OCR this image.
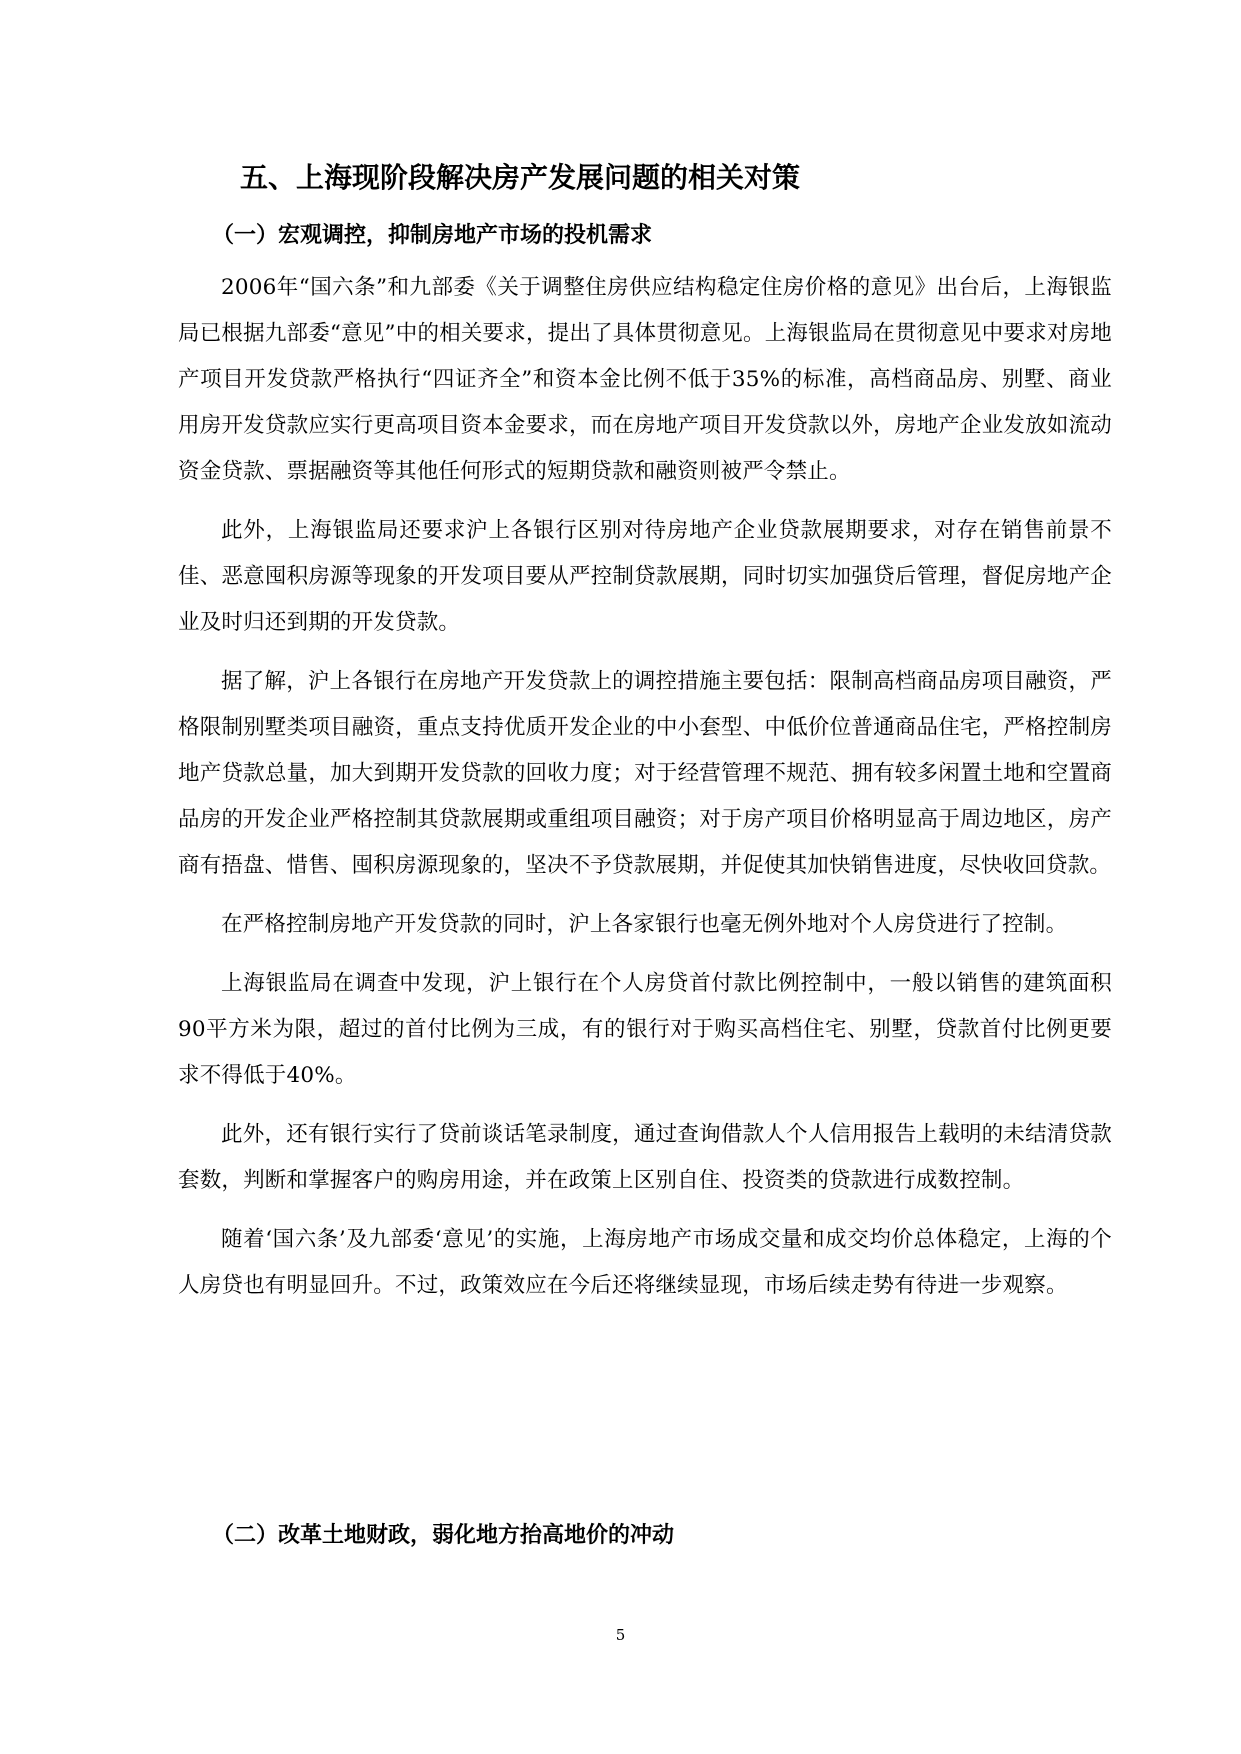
五、上海现阶段解决房产发展问题的相关对策
（一）宏观调控，抑制房地产市场的投机需求

2006年“国六条”和九部委《关于调整住房供应结构稳定住房价格的意见》出台后，上海银监局已根据九部委“意见”中的相关要求，提出了具体贯彻意见。上海银监局在贯彻意见中要求对房地产项目开发贷款严格执行“四证齐全”和资本金比例不低于35%的标准，高档商品房、别墅、商业用房开发贷款应实行更高项目资本金要求，而在房地产项目开发贷款以外，房地产企业发放如流动资金贷款、票据融资等其他任何形式的短期贷款和融资则被严令禁止。

此外，上海银监局还要求沪上各银行区别对待房地产企业贷款展期要求，对存在销售前景不佳、恶意囤积房源等现象的开发项目要从严控制贷款展期，同时切实加强贷后管理，督促房地产企业及时归还到期的开发贷款。

据了解，沪上各银行在房地产开发贷款上的调控措施主要包括：限制高档商品房项目融资，严格限制别墅类项目融资，重点支持优质开发企业的中小套型、中低价位普通商品住宅，严格控制房地产贷款总量，加大到期开发贷款的回收力度；对于经营管理不规范、拥有较多闲置土地和空置商品房的开发企业严格控制其贷款展期或重组项目融资；对于房产项目价格明显高于周边地区，房产商有捂盘、惜售、囤积房源现象的，坚决不予贷款展期，并促使其加快销售进度，尽快收回贷款。

在严格控制房地产开发贷款的同时，沪上各家银行也毫无例外地对个人房贷进行了控制。

上海银监局在调查中发现，沪上银行在个人房贷首付款比例控制中，一般以销售的建筑面积90平方米为限，超过的首付比例为三成，有的银行对于购买高档住宅、别墅，贷款首付比例更要求不得低于40%。

此外，还有银行实行了贷前谈话笔录制度，通过查询借款人个人信用报告上载明的未结清贷款套数，判断和掌握客户的购房用途，并在政策上区别自住、投资类的贷款进行成数控制。

随着‘国六条’及九部委‘意见’的实施，上海房地产市场成交量和成交均价总体稳定，上海的个人房贷也有明显回升。不过，政策效应在今后还将继续显现，市场后续走势有待进一步观察。

（二）改革土地财政，弱化地方抬高地价的冲动
5
